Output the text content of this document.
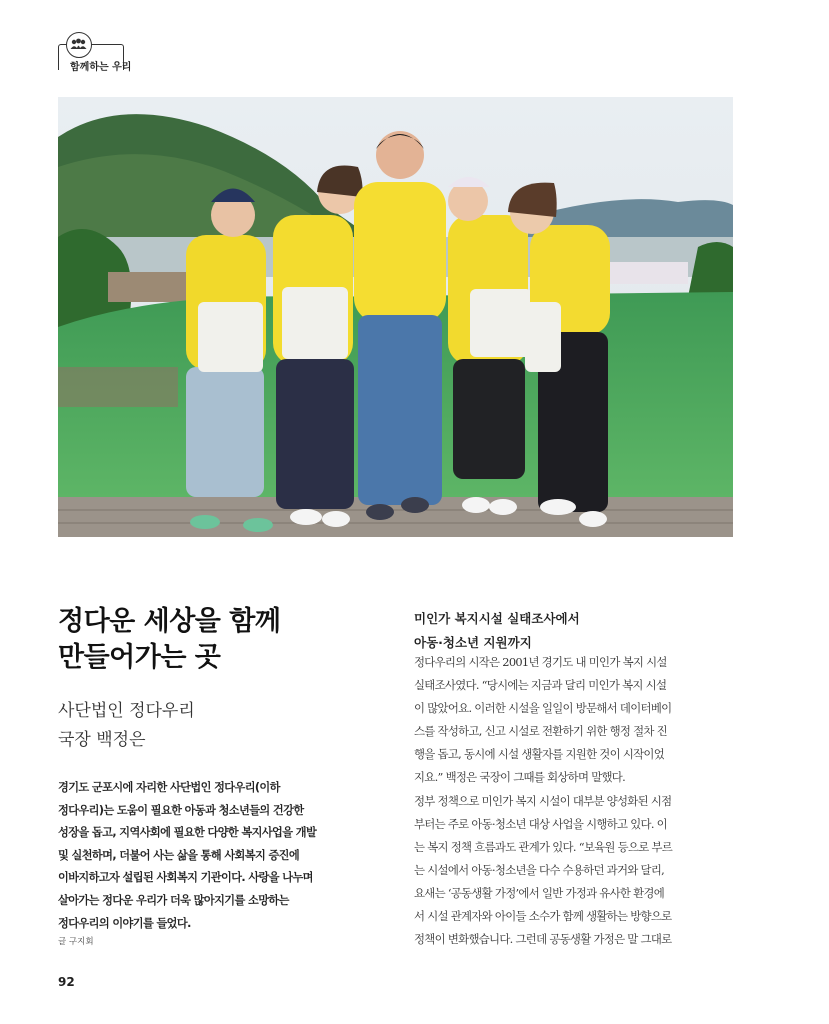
함께하는 우리
정다운 세상을 함께
만들어가는 곳
사단법인 정다우리
국장 백정은
경기도 군포시에 자리한 사단법인 정다우리(이하
정다우리)는 도움이 필요한 아동과 청소년들의 건강한
성장을 돕고, 지역사회에 필요한 다양한 복지사업을 개발
및 실천하며, 더불어 사는 삶을 통해 사회복지 증진에
이바지하고자 설립된 사회복지 기관이다. 사랑을 나누며
살아가는 정다운 우리가 더욱 많아지기를 소망하는
정다우리의 이야기를 들었다.
글 구지회
92
미인가 복지시설 실태조사에서
아동·청소년 지원까지
정다우리의 시작은 2001년 경기도 내 미인가 복지 시설
실태조사였다. “당시에는 지금과 달리 미인가 복지 시설
이 많았어요. 이러한 시설을 일일이 방문해서 데이터베이
스를 작성하고, 신고 시설로 전환하기 위한 행정 절차 진
행을 돕고, 동시에 시설 생활자를 지원한 것이 시작이었
지요.” 백정은 국장이 그때를 회상하며 말했다.
정부 정책으로 미인가 복지 시설이 대부분 양성화된 시점
부터는 주로 아동·청소년 대상 사업을 시행하고 있다. 이
는 복지 정책 흐름과도 관계가 있다. “보육원 등으로 부르
는 시설에서 아동·청소년을 다수 수용하던 과거와 달리,
요새는 ‘공동생활 가정’에서 일반 가정과 유사한 환경에
서 시설 관계자와 아이들 소수가 함께 생활하는 방향으로
정책이 변화했습니다. 그런데 공동생활 가정은 말 그대로
